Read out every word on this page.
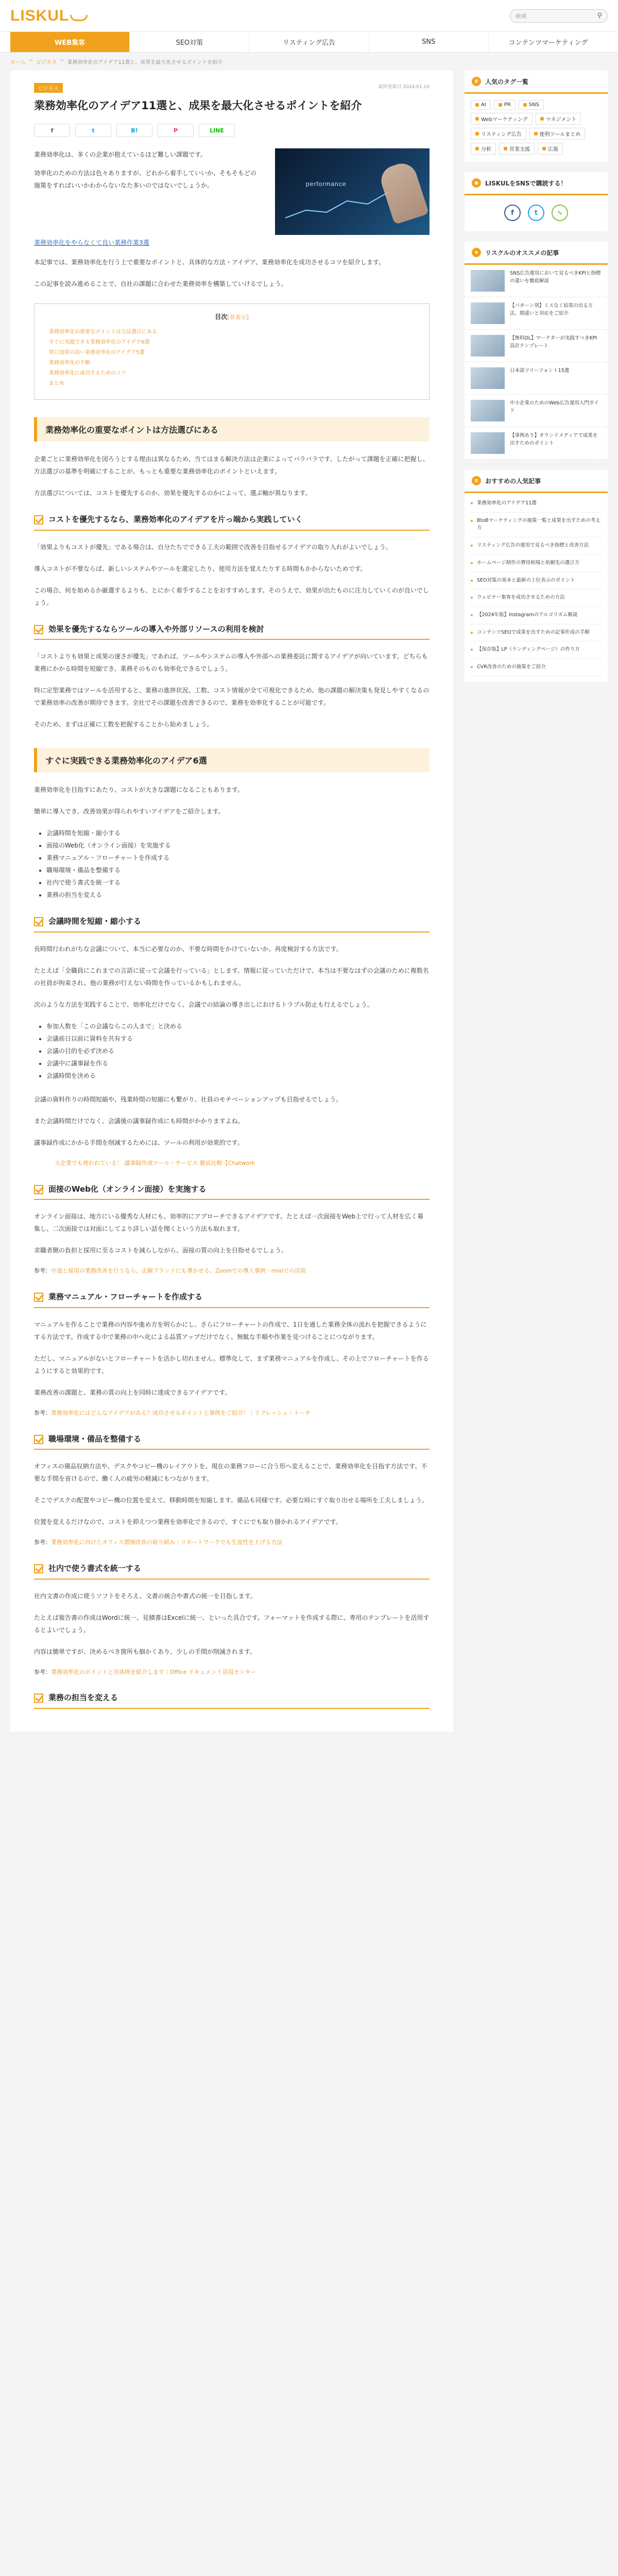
LISKUL	検索	⚲
WEB集客	SEO対策	リスティング広告	SNS	コンテンツマーケティング
ホーム > ビジネス > 業務効率化のアイデア11選と、成果を最大化させるポイントを紹介
ビジネス	最終更新日 2024.01.10
業務効率化のアイデア11選と、成果を最大化させるポイントを紹介
f	t	B!	P	LINE

業務効率化は、多くの企業が抱えているほど難しい課題です。

効率化のための方法は色々ありますが、どれから着手していいか、そもそもどの施策をすればいいかわからないなた多いのではないでしょうか。	performance
業務効率化をやらなくて良い業務作業3選

本記事では、業務効率化を行う上で重要なポイントと、具体的な方法・アイデア、業務効率化を成功させるコツを紹介します。

この記事を読み進めることで、自社の課題に合わせた業務効率を構築していけるでしょう。

目次[非表示]
業務効率化の重要なポイントは方法選びにある
すぐに実践できる業務効率化のアイデア6選
特に効果の高い業務効率化のアイデア5選
業務効率化の手順
業務効率化に成功するためのコツ
まとめ
業務効率化の重要なポイントは方法選びにある

企業ごとに業務効率化を図ろうとする理由は異なるため、当てはまる解決方法は企業によってバラバラです。したがって課題を正確に把握し、方法選びの基準を明確にすることが、もっとも重要な業務効率化のポイントといえます。

方法選びについては、コストを優先するのか、効果を優先するのかによって、選ぶ軸が異なります。

コストを優先するなら、業務効率化のアイデアを片っ端から実践していく

「効果よりもコストが優先」である場合は、自分たちでできる工夫の範囲で改善を目指せるアイデアの取り入れがよいでしょう。

導入コストが不要ならば、新しいシステムやツールを選定したり、使用方法を覚えたりする時間もかからないためです。

この場合、何を始めるか厳選するよりも、とにかく着手することをおすすめします。そのうえで、効果が出たものに注力していくのが良いでしょう。

効果を優先するならツールの導入や外部リソースの利用を検討

「コストよりも効果と成果の速さが優先」であれば、ツールやシステムの導入や外部への業務委託に関するアイデアが向いています。どちらも業務にかかる時間を短縮でき、業務そのものも効率化できるでしょう。

特に定型業務ではツールを活用すると、業務の進捗状況、工数、コスト情報が全て可視化できるため、他の課題の解決策も発見しやすくなるので業務効率の改善が期待できます。全社でその課題を改善できるので、業務を効率化することが可能です。

そのため、まずは正確に工数を把握することから始めましょう。

すぐに実践できる業務効率化のアイデア6選

業務効率化を目指すにあたり、コストが大きな課題になることもあります。

簡単に導入でき、改善効果が得られやすいアイデアをご紹介します。

• 会議時間を短縮・縮小する
• 面接のWeb化（オンライン面接）を実施する
• 業務マニュアル・フローチャートを作成する
• 職場環境・備品を整備する
• 社内で使う書式を統一する
• 業務の担当を変える
会議時間を短縮・縮小する

長時間行われがちな会議について、本当に必要なのか、不要な時間をかけていないか、再度検討する方法です。

たとえば「全職員にこれまでの言語に従って会議を行っている」とします。情報に従っていただけで、本当は不要なはずの会議のために複数名の社員が拘束され、他の業務が行えない時間を作っているかもしれません。

次のような方法を実践することで、効率化だけでなく、会議での結論の導き出しにおけるトラブル防止も行えるでしょう。

• 参加人数を「この会議ならこの人まで」と決める
• 会議前日以前に資料を共有する
• 会議の目的を必ず決める
• 会議中に議事録を作る
• 会議時間を決める

会議の資料作りの時間短縮や、残業時間の短縮にも繋がり、社員のモチベーションアップも目指せるでしょう。

また会議時間だけでなく、会議後の議事録作成にも時間がかかりますよね。

議事録作成にかかる手間を削減するためには、ツールの利用が効果的です。

大企業でも使われている！ 議事録作成ツール・サービス 徹底比較【Chatwork
面接のWeb化（オンライン面接）を実施する

オンライン面接は、地方にいる優秀な人材にも、効率的にアプローチできるアイデアです。たとえば一次面接をWeb上で行って人材を広く募集し、二次面接では対面にしてより詳しい話を聞くという方法も取れます。

求職者側の負担と採用に至るコストを減らしながら、面接の質の向上を目指せるでしょう。

参考：中途と採用の業務改善を行うなら、正解ブランドにも導かせる。Zoomでの導入事例・mixiでの活用

業務マニュアル・フローチャートを作成する

マニュアルを作ることで業務の内容や進め方を明らかにし、さらにフローチャートの作成で、1日を通した業務全体の流れを把握できるようにする方法です。作成する中で業務の中へ化による品質アップだけでなく、無駄な手順や作業を見つけることにつながります。

ただし、マニュアルがないとフローチャートを活かし切れません。標準化して、まず業務マニュアルを作成し、その上でフローチャートを作るようにすると効果的です。

業務改善の課題と、業務の質の向上を同時に達成できるアイデアです。

参考：業務効率化にはどんなアイデアがある？成功させるポイントと事例をご紹介！｜リフレッシュ・トーチ

職場環境・備品を整備する

オフィスの備品収納方法や、デスクやコピー機のレイアウトを、現在の業務フローに合う形へ変えることで、業務効率化を目指す方法です。不要な手間を省けるので、働く人の疲労の軽減にもつながります。

そこでデスクの配置やコピー機の位置を変えて、移動時間を短縮します。備品も同様です。必要な時にすぐ取り出せる場所を工夫しましょう。

位置を変えるだけなので、コストを抑えつつ業務を効率化できるので、すぐにでも取り掛かれるアイデアです。

参考：業務効率化に向けたオフィス環境改善の取り組み｜リモートワークでも生産性を上げる方法

社内で使う書式を統一する

社内文書の作成に使うソフトをそろえ、文書の統合や書式の統一を目指します。

たとえば報告書の作成はWordに統一、見積書はExcelに統一、といった具合です。フォーマットを作成する際に、専用のテンプレートを活用するとよいでしょう。

内容は簡単ですが、決めるべき箇所も細かくあり、少しの手間が削減されます。

参考：業務効率化のポイントと具体例を紹介します｜Office ドキュメント活用センター

業務の担当を変える
#	人気のタグ一覧
AI	PR	SNS
Webマーケティング	マネジメント
リスティング広告	便利ツールまとめ
分析	営業支援	広報
◉	LISKULをSNSで購読する！
f	t	∿
★	リスクルのオススメの記事
SNS広告運用において見るべきKPIと指標の違いを徹底解説
【パターン別】ミスなく結果の出る方法、間違いと対応をご紹介
【無料DL】マーケターが実践すべきKPI設計テンプレート
日本語フリーフォント15選
中小企業のためのWeb広告運用入門ガイド
【事例あり】オウンドメディアで成果を出すためのポイント
≡	おすすめの人気記事
業務効率化のアイデア11選
BtoBマーケティングの施策一覧と成果を出すための考え方
リスティング広告の運用で見るべき指標と改善方法
ホームページ制作の費用相場と依頼先の選び方
SEO対策の基本と最新の上位表示のポイント
ウェビナー集客を成功させるための方法
【2024年版】Instagramのアルゴリズム解説
コンテンツSEOで成果を出すための記事作成の手順
【保存版】LP（ランディングページ）の作り方
CVR改善のための施策をご紹介
